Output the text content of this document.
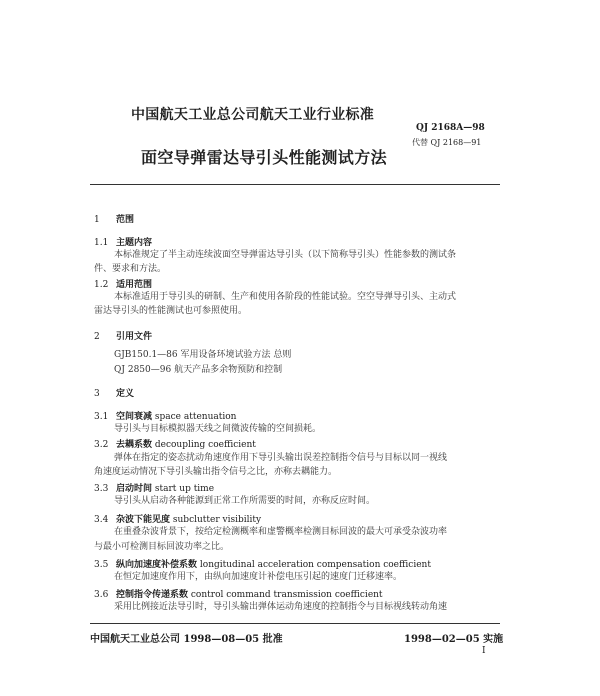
中国航天工业总公司航天工业行业标准
QJ 2168A—98
代替 QJ 2168—91
面空导弹雷达导引头性能测试方法
1 范围
1.1 主题内容
本标准规定了半主动连续波面空导弹雷达导引头（以下简称导引头）性能参数的测试条
件、要求和方法。
1.2 适用范围
本标准适用于导引头的研制、生产和使用各阶段的性能试验。空空导弹导引头、主动式
雷达导引头的性能测试也可参照使用。
2 引用文件
GJB150.1—86 军用设备环境试验方法 总则
QJ 2850—96 航天产品多余物预防和控制
3 定义
3.1 空间衰减 space attenuation
导引头与目标模拟器天线之间微波传输的空间损耗。
3.2 去耦系数 decoupling coefficient
弹体在指定的姿态扰动角速度作用下导引头输出误差控制指令信号与目标以同一视线
角速度运动情况下导引头输出指令信号之比，亦称去耦能力。
3.3 启动时间 start up time
导引头从启动各种能源到正常工作所需要的时间，亦称反应时间。
3.4 杂波下能见度 subclutter visibility
在重叠杂波背景下，按给定检测概率和虚警概率检测目标回波的最大可承受杂波功率
与最小可检测目标回波功率之比。
3.5 纵向加速度补偿系数 longitudinal acceleration compensation coefficient
在恒定加速度作用下，由纵向加速度计补偿电压引起的速度门迁移速率。
3.6 控制指令传递系数 control command transmission coefficient
采用比例接近法导引时，导引头输出弹体运动角速度的控制指令与目标视线转动角速
中国航天工业总公司 1998—08—05 批准	1998—02—05 实施
I
